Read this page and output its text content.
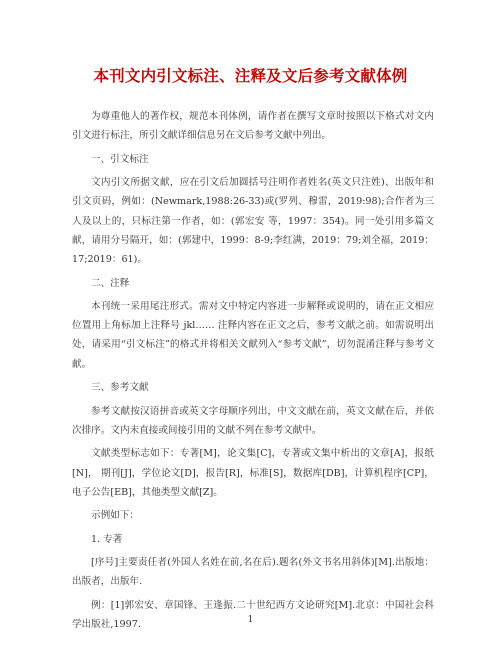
本刊文内引文标注、注释及文后参考文献体例

为尊重他人的著作权，规范本刊体例，请作者在撰写文章时按照以下格式对文内引文进行标注，所引文献详细信息另在文后参考文献中列出。

一、引文标注

文内引文所据文献，应在引文后加圆括号注明作者姓名(英文只注姓)、出版年和引文页码，例如：(Newmark,1988:26-33)或(罗列、穆雷，2019:98);合作者为三人及以上的，只标注第一作者，如：(郭宏安 等，1997：354)。同一处引用多篇文献，请用分号隔开，如：(郭建中，1999：8-9;李红满，2019：79;刘全福，2019：17;2019：61)。

二、注释

本刊统一采用尾注形式。需对文中特定内容进一步解释或说明的，请在正文相应位置用上角标加上注释号 jkl…… 注释内容在正文之后，参考文献之前。如需说明出处，请采用“引文标注”的格式并将相关文献列入“参考文献”，切勿混淆注释与参考文献。

三、参考文献

参考文献按汉语拼音或英文字母顺序列出，中文文献在前，英文文献在后，并依次排序。文内未直接或间接引用的文献不列在参考文献中。

文献类型标志如下：专著[M]，论文集[C]，专著或文集中析出的文章[A]，报纸[N]， 期刊[J]，学位论文[D]，报告[R]，标准[S]，数据库[DB]，计算机程序[CP]，电子公告[EB]，其他类型文献[Z]。

示例如下：

1. 专著

[序号]主要责任者(外国人名姓在前,名在后).题名(外文书名用斜体)[M].出版地：出版者，出版年.

例：[1]郭宏安、章国锋、王逢振.二十世纪西方文论研究[M].北京：中国社会科学出版社,1997.	1
